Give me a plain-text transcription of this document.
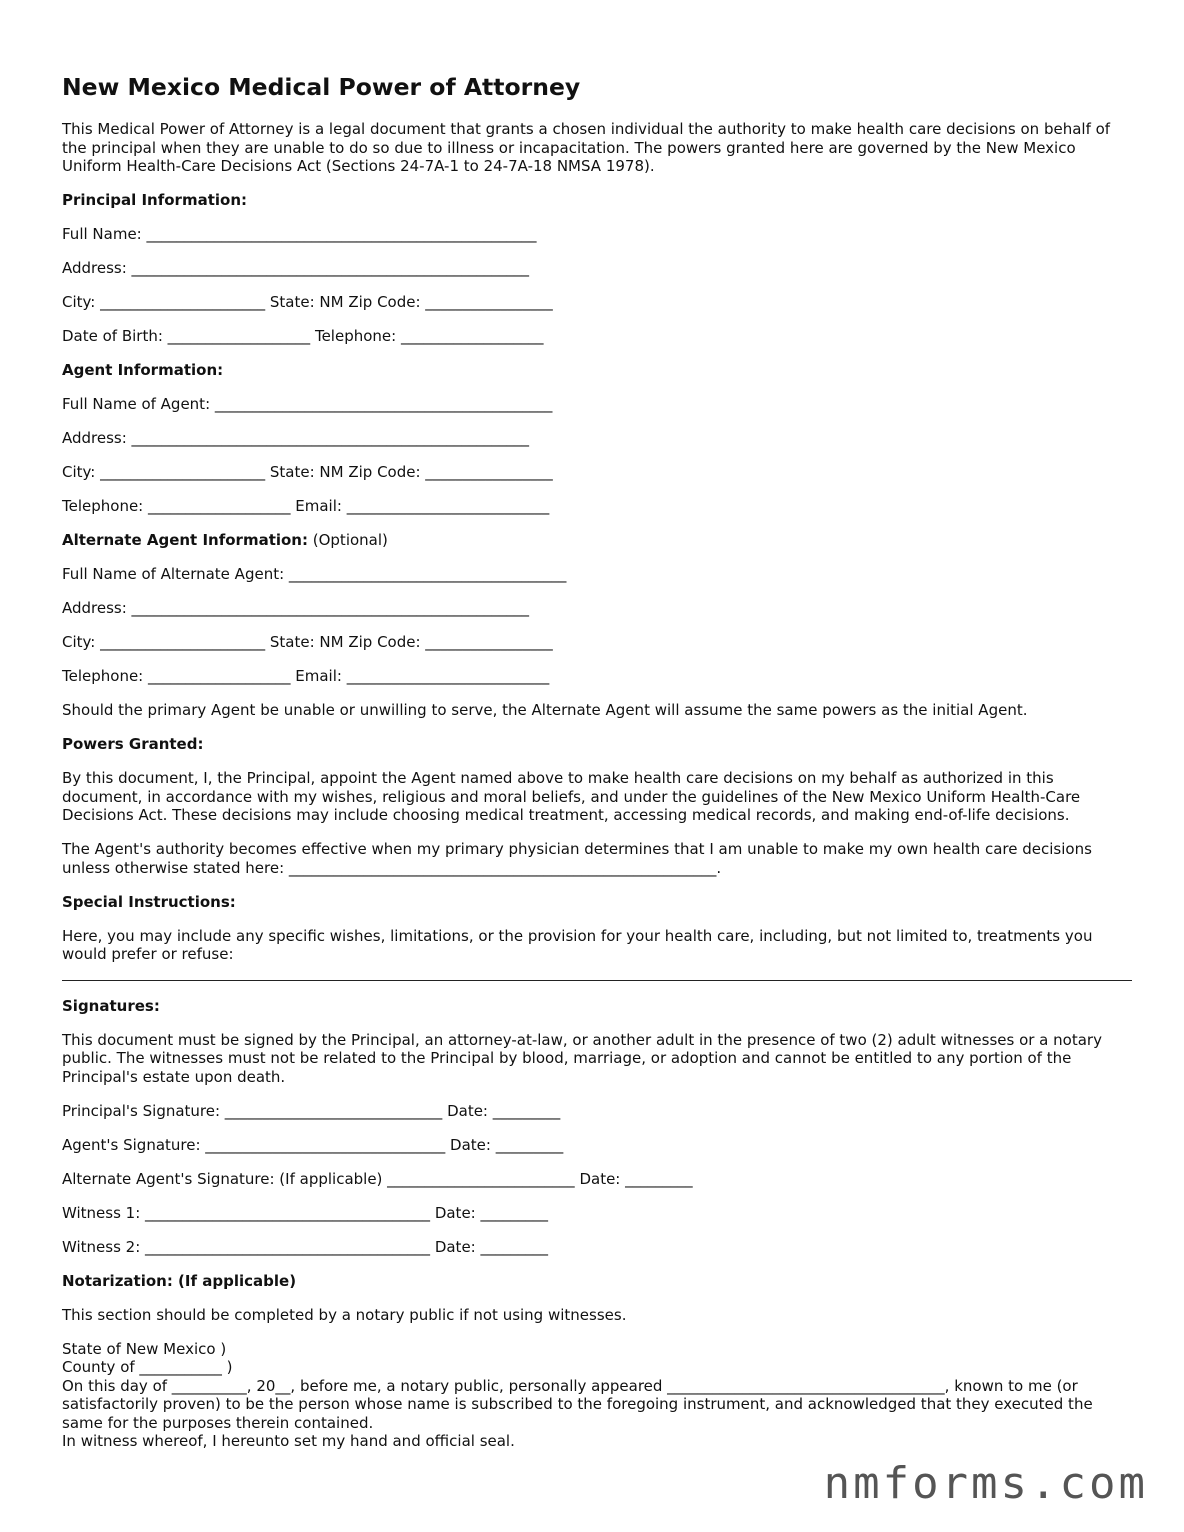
New Mexico Medical Power of Attorney

This Medical Power of Attorney is a legal document that grants a chosen individual the authority to make health care decisions on behalf of the principal when they are unable to do so due to illness or incapacitation. The powers granted here are governed by the New Mexico Uniform Health-Care Decisions Act (Sections 24-7A-1 to 24-7A-18 NMSA 1978).

Principal Information:
Full Name: ____________________________________________________
Address: _____________________________________________________
City: ______________________ State: NM Zip Code: _________________
Date of Birth: ___________________ Telephone: ___________________
Agent Information:
Full Name of Agent: _____________________________________________
Address: _____________________________________________________
City: ______________________ State: NM Zip Code: _________________
Telephone: ___________________ Email: ___________________________
Alternate Agent Information: (Optional)
Full Name of Alternate Agent: _____________________________________
Address: _____________________________________________________
City: ______________________ State: NM Zip Code: _________________
Telephone: ___________________ Email: ___________________________
Should the primary Agent be unable or unwilling to serve, the Alternate Agent will assume the same powers as the initial Agent.
Powers Granted:

By this document, I, the Principal, appoint the Agent named above to make health care decisions on my behalf as authorized in this document, in accordance with my wishes, religious and moral beliefs, and under the guidelines of the New Mexico Uniform Health-Care Decisions Act. These decisions may include choosing medical treatment, accessing medical records, and making end-of-life decisions.

The Agent's authority becomes effective when my primary physician determines that I am unable to make my own health care decisions unless otherwise stated here: _________________________________________________________.

Special Instructions:

Here, you may include any specific wishes, limitations, or the provision for your health care, including, but not limited to, treatments you would prefer or refuse:

Signatures:

This document must be signed by the Principal, an attorney-at-law, or another adult in the presence of two (2) adult witnesses or a notary public. The witnesses must not be related to the Principal by blood, marriage, or adoption and cannot be entitled to any portion of the Principal's estate upon death.

Principal's Signature: _____________________________ Date: _________
Agent's Signature: ________________________________ Date: _________
Alternate Agent's Signature: (If applicable) _________________________ Date: _________
Witness 1: ______________________________________ Date: _________
Witness 2: ______________________________________ Date: _________
Notarization: (If applicable)
This section should be completed by a notary public if not using witnesses.

State of New Mexico )

County of ___________ )

On this day of __________, 20__, before me, a notary public, personally appeared _____________________________________, known to me (or satisfactorily proven) to be the person whose name is subscribed to the foregoing instrument, and acknowledged that they executed the same for the purposes therein contained.

In witness whereof, I hereunto set my hand and official seal.

nmforms.com
